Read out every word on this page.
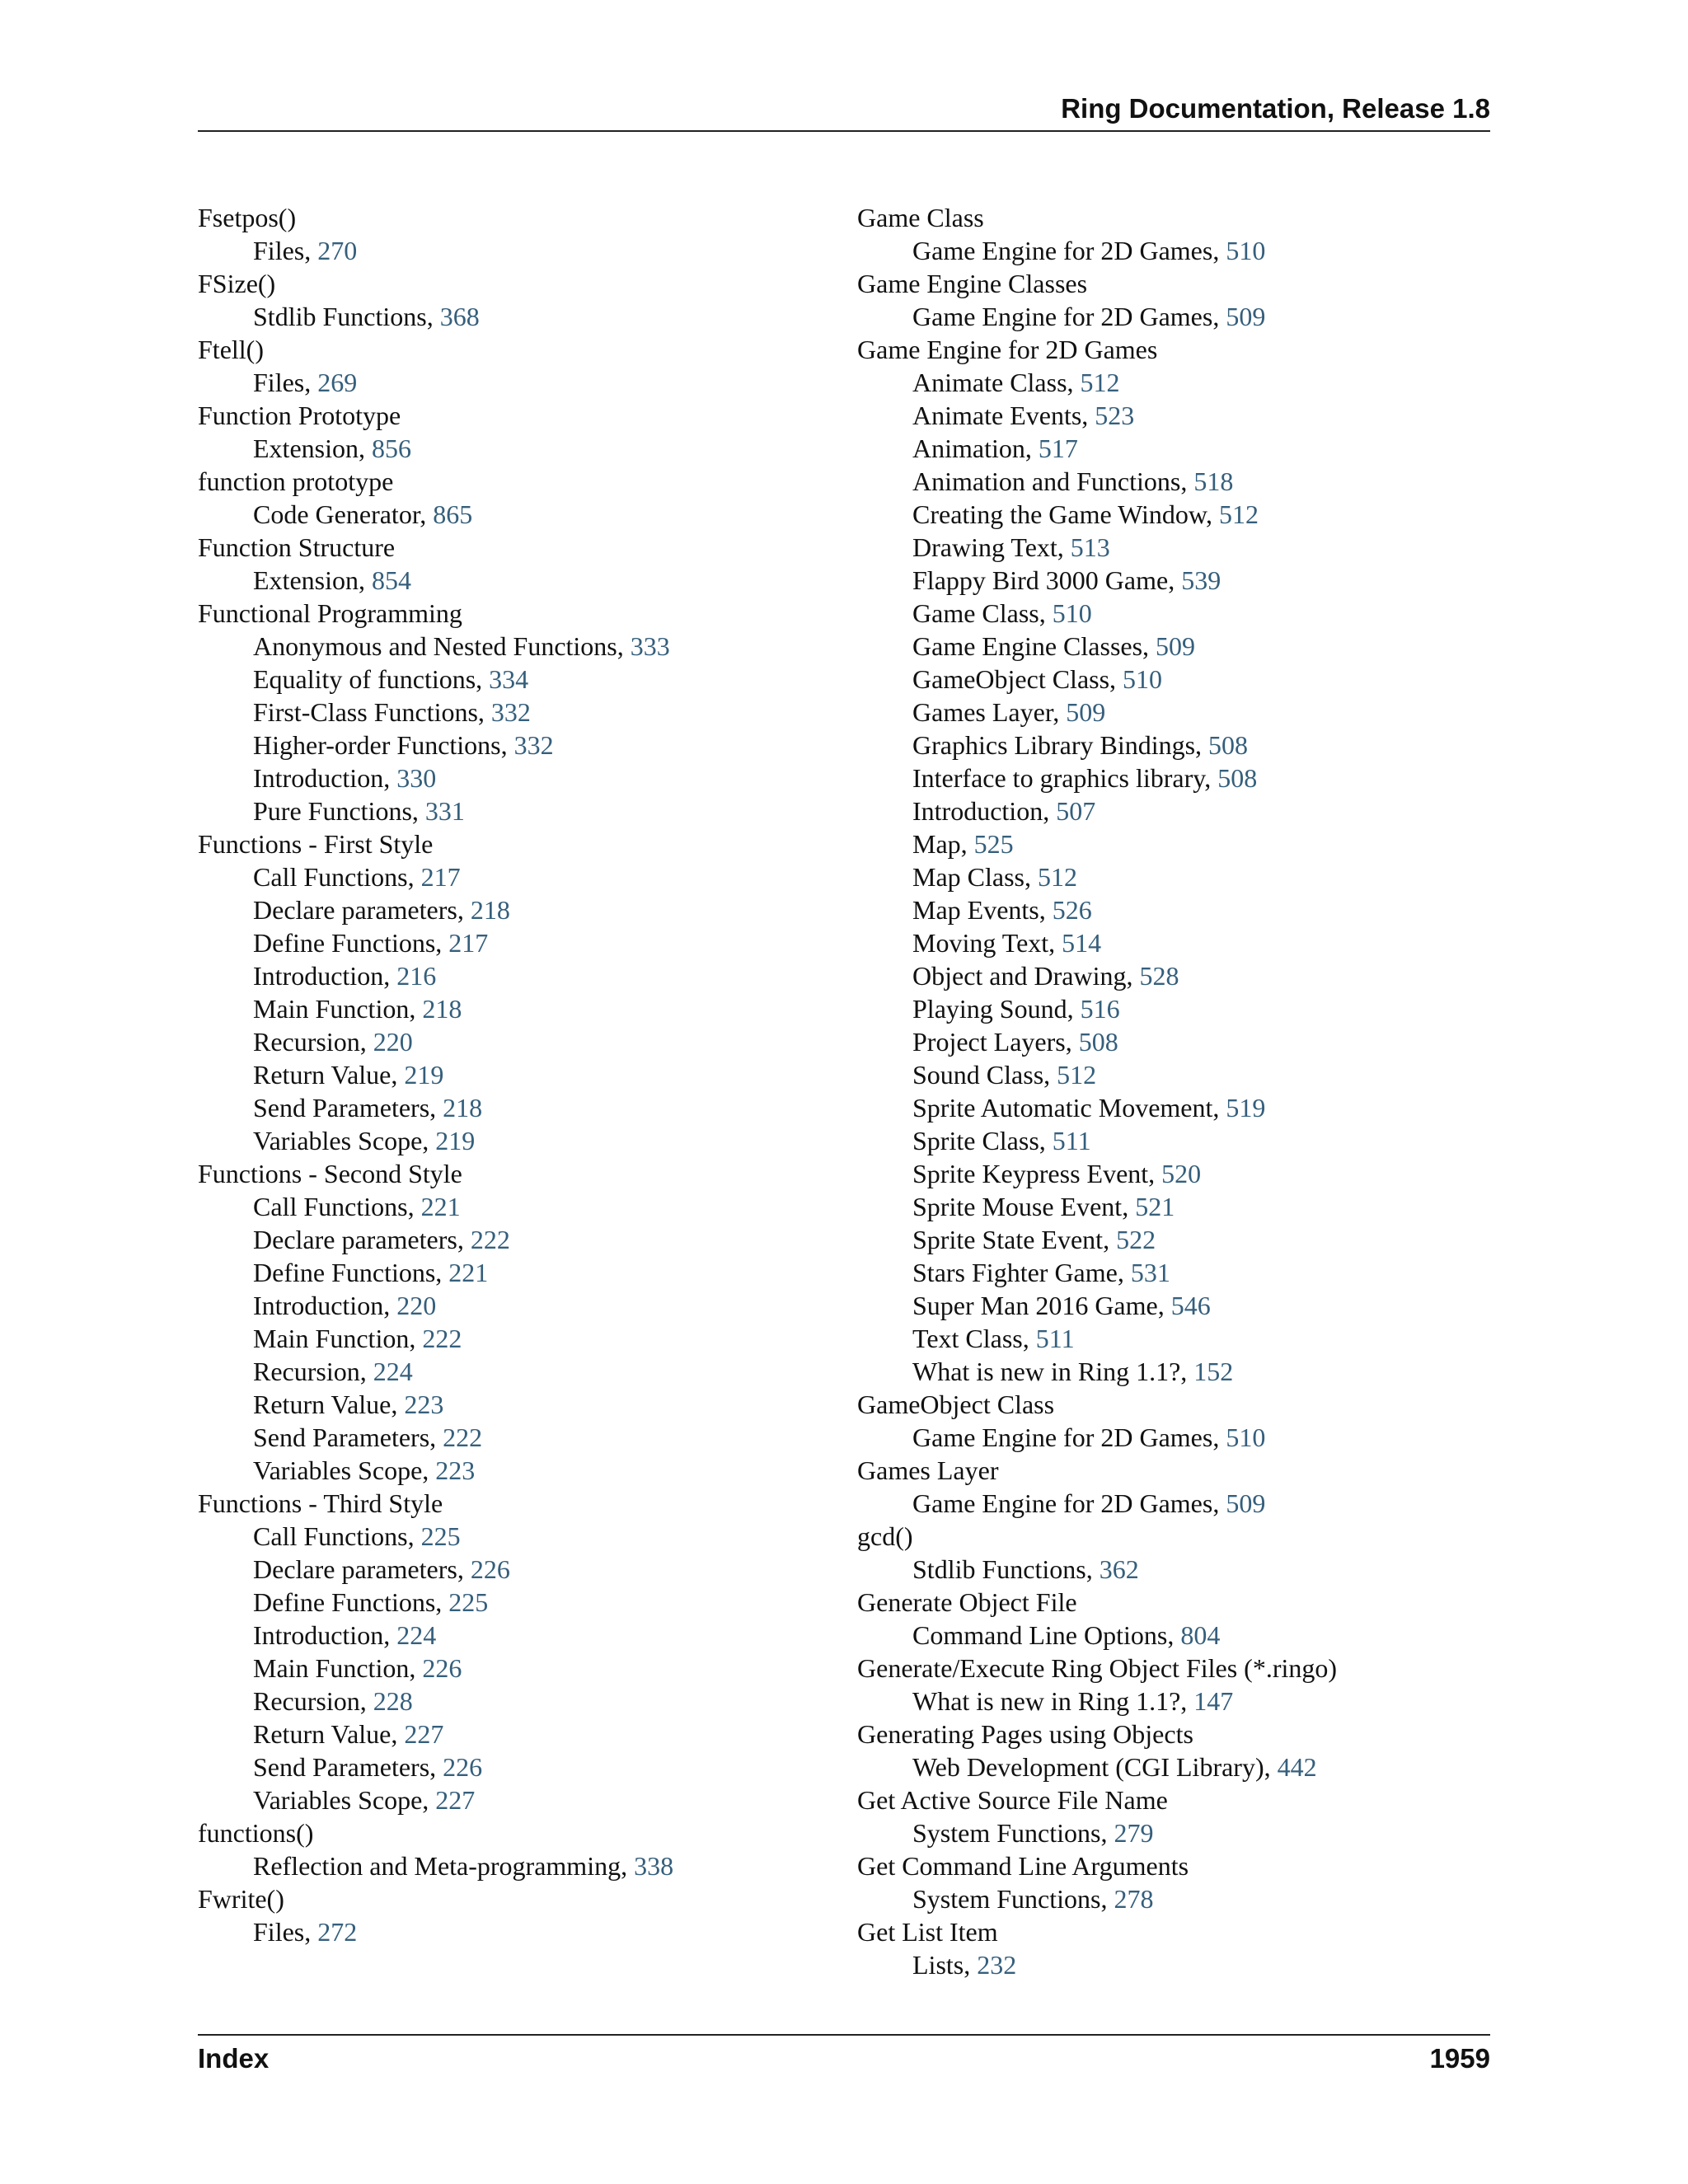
Ring Documentation, Release 1.8
Fsetpos()
Files, 270
FSize()
Stdlib Functions, 368
Ftell()
Files, 269
Function Prototype
Extension, 856
function prototype
Code Generator, 865
Function Structure
Extension, 854
Functional Programming
Anonymous and Nested Functions, 333
Equality of functions, 334
First-Class Functions, 332
Higher-order Functions, 332
Introduction, 330
Pure Functions, 331
Functions - First Style
Call Functions, 217
Declare parameters, 218
Define Functions, 217
Introduction, 216
Main Function, 218
Recursion, 220
Return Value, 219
Send Parameters, 218
Variables Scope, 219
Functions - Second Style
Call Functions, 221
Declare parameters, 222
Define Functions, 221
Introduction, 220
Main Function, 222
Recursion, 224
Return Value, 223
Send Parameters, 222
Variables Scope, 223
Functions - Third Style
Call Functions, 225
Declare parameters, 226
Define Functions, 225
Introduction, 224
Main Function, 226
Recursion, 228
Return Value, 227
Send Parameters, 226
Variables Scope, 227
functions()
Reflection and Meta-programming, 338
Fwrite()
Files, 272
Game Class
Game Engine for 2D Games, 510
Game Engine Classes
Game Engine for 2D Games, 509
Game Engine for 2D Games
Animate Class, 512
Animate Events, 523
Animation, 517
Animation and Functions, 518
Creating the Game Window, 512
Drawing Text, 513
Flappy Bird 3000 Game, 539
Game Class, 510
Game Engine Classes, 509
GameObject Class, 510
Games Layer, 509
Graphics Library Bindings, 508
Interface to graphics library, 508
Introduction, 507
Map, 525
Map Class, 512
Map Events, 526
Moving Text, 514
Object and Drawing, 528
Playing Sound, 516
Project Layers, 508
Sound Class, 512
Sprite Automatic Movement, 519
Sprite Class, 511
Sprite Keypress Event, 520
Sprite Mouse Event, 521
Sprite State Event, 522
Stars Fighter Game, 531
Super Man 2016 Game, 546
Text Class, 511
What is new in Ring 1.1?, 152
GameObject Class
Game Engine for 2D Games, 510
Games Layer
Game Engine for 2D Games, 509
gcd()
Stdlib Functions, 362
Generate Object File
Command Line Options, 804
Generate/Execute Ring Object Files (*.ringo)
What is new in Ring 1.1?, 147
Generating Pages using Objects
Web Development (CGI Library), 442
Get Active Source File Name
System Functions, 279
Get Command Line Arguments
System Functions, 278
Get List Item
Lists, 232
Index	1959
